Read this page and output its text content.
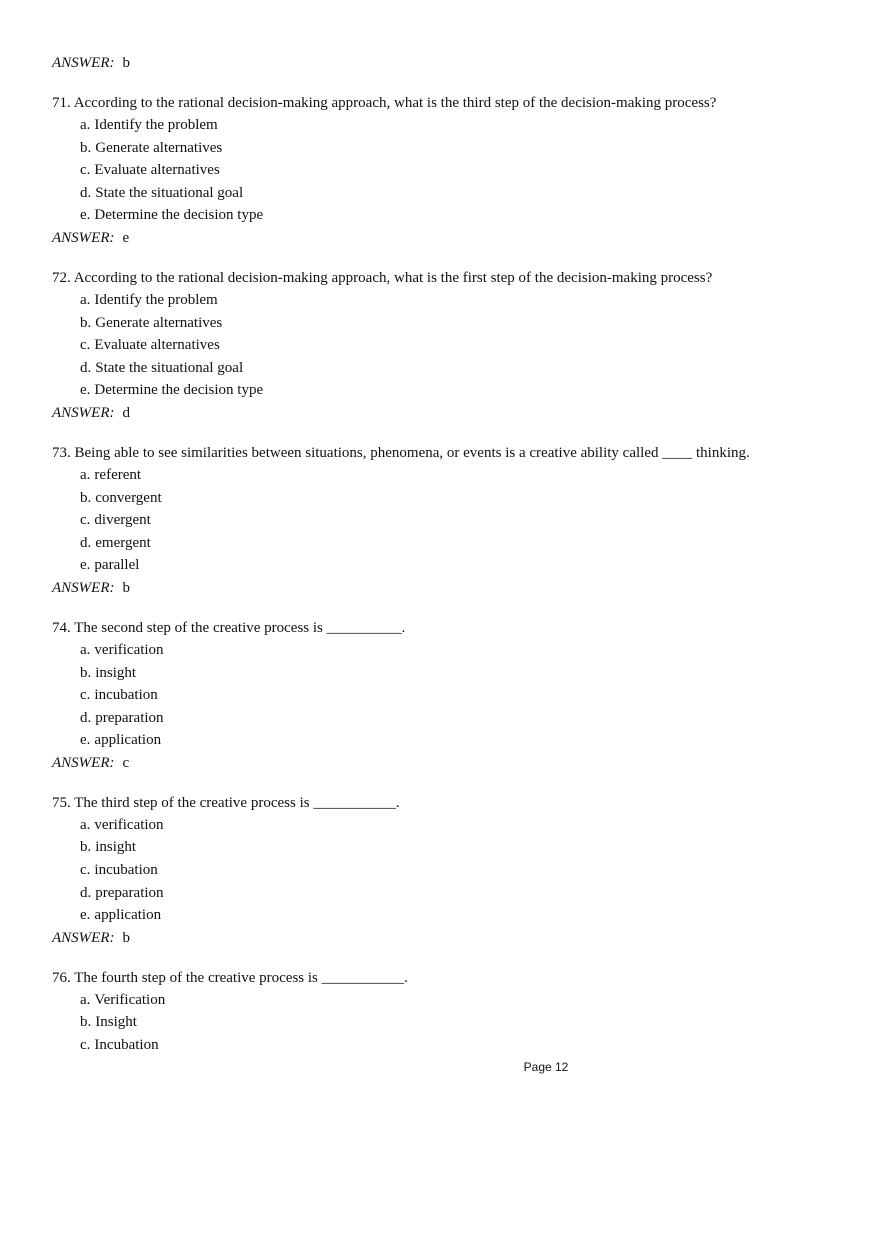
ANSWER: b
71. According to the rational decision-making approach, what is the third step of the decision-making process?
a. Identify the problem
b. Generate alternatives
c. Evaluate alternatives
d. State the situational goal
e. Determine the decision type
ANSWER: e
72. According to the rational decision-making approach, what is the first step of the decision-making process?
a. Identify the problem
b. Generate alternatives
c. Evaluate alternatives
d. State the situational goal
e. Determine the decision type
ANSWER: d
73. Being able to see similarities between situations, phenomena, or events is a creative ability called ____ thinking.
a. referent
b. convergent
c. divergent
d. emergent
e. parallel
ANSWER: b
74. The second step of the creative process is __________.
a. verification
b. insight
c. incubation
d. preparation
e. application
ANSWER: c
75. The third step of the creative process is ___________.
a. verification
b. insight
c. incubation
d. preparation
e. application
ANSWER: b
76. The fourth step of the creative process is ___________.
a. Verification
b. Insight
c. Incubation
Page 12
